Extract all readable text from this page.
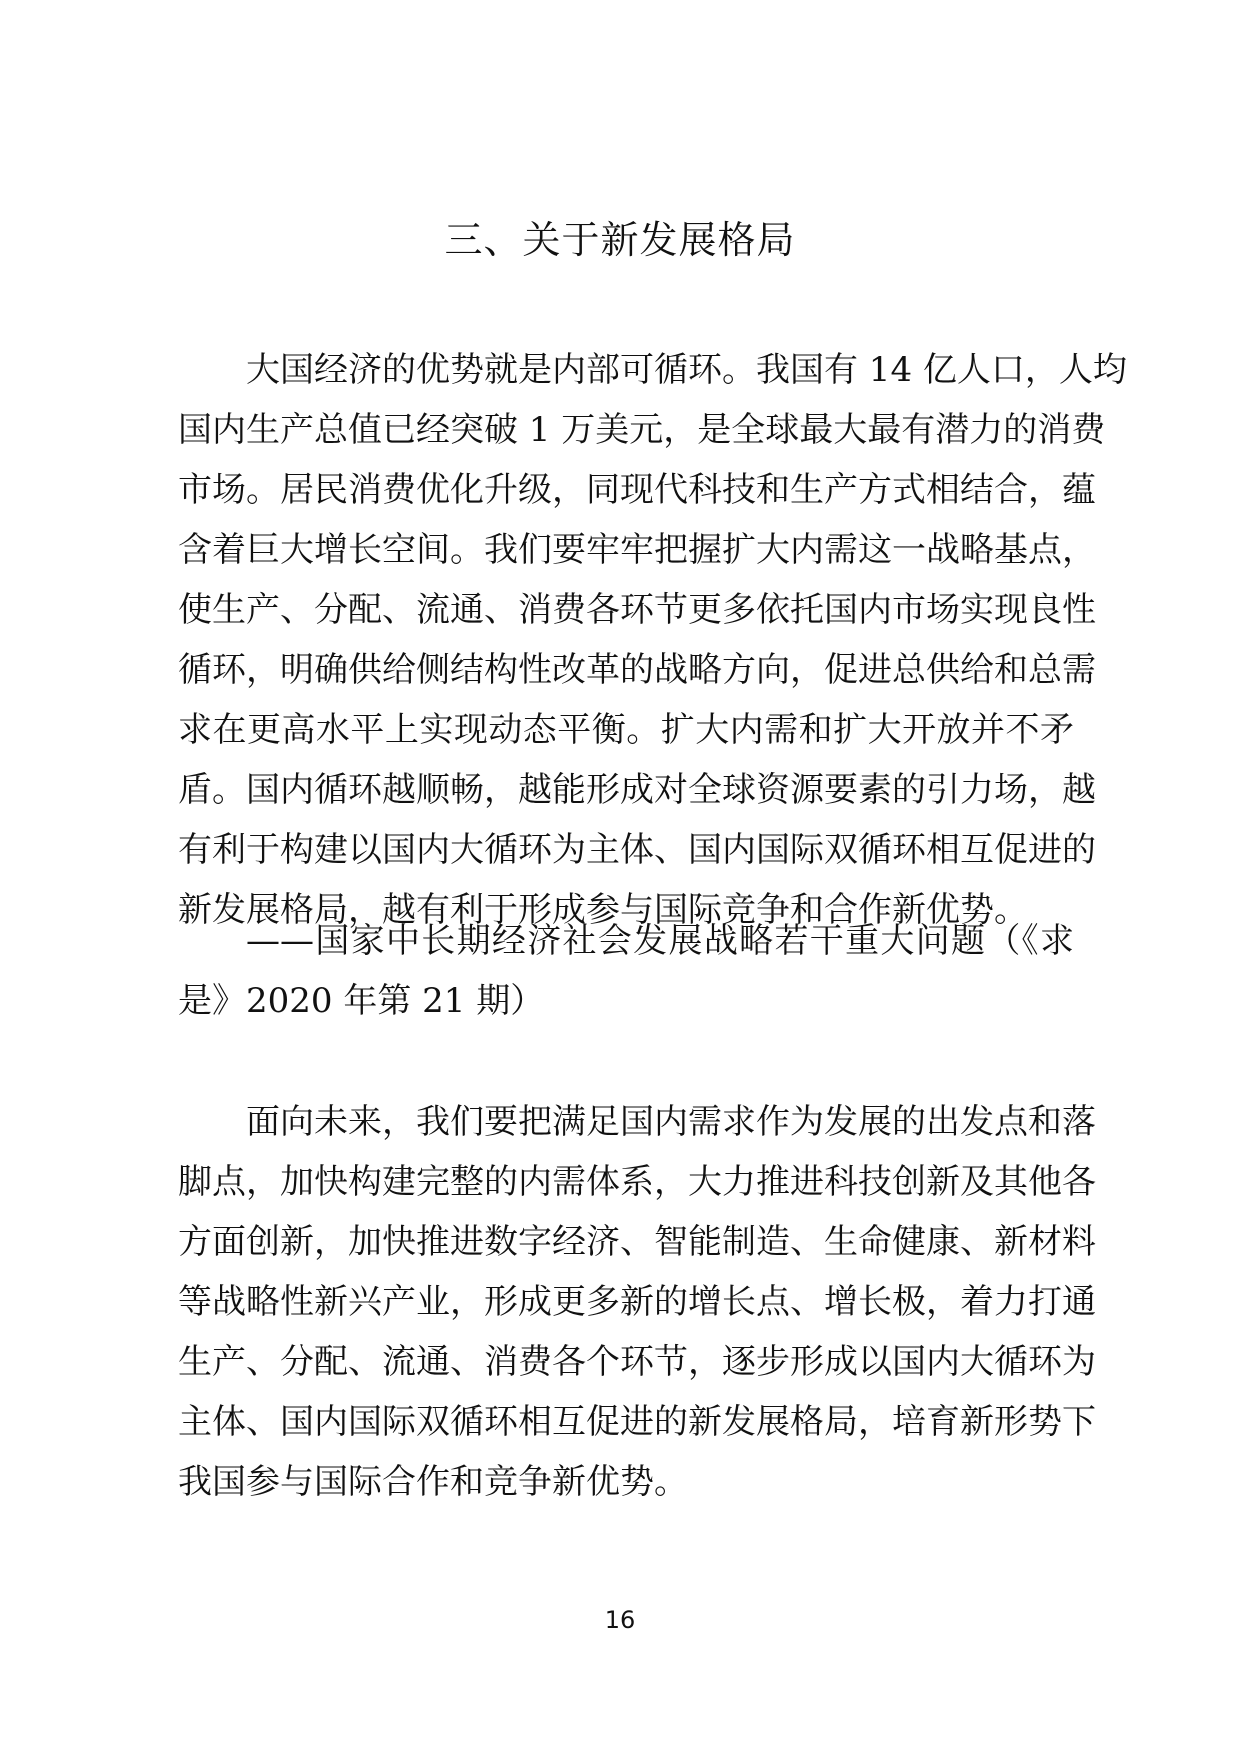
三、关于新发展格局
大国经济的优势就是内部可循环。我国有 14 亿人口，人均
国内生产总值已经突破 1 万美元，是全球最大最有潜力的消费
市场。居民消费优化升级，同现代科技和生产方式相结合，蕴
含着巨大增长空间。我们要牢牢把握扩大内需这一战略基点，
使生产、分配、流通、消费各环节更多依托国内市场实现良性
循环，明确供给侧结构性改革的战略方向，促进总供给和总需
求在更高水平上实现动态平衡。扩大内需和扩大开放并不矛
盾。国内循环越顺畅，越能形成对全球资源要素的引力场，越
有利于构建以国内大循环为主体、国内国际双循环相互促进的
新发展格局，越有利于形成参与国际竞争和合作新优势。
——国家中长期经济社会发展战略若干重大问题（《求
是》2020 年第 21 期）
面向未来，我们要把满足国内需求作为发展的出发点和落
脚点，加快构建完整的内需体系，大力推进科技创新及其他各
方面创新，加快推进数字经济、智能制造、生命健康、新材料
等战略性新兴产业，形成更多新的增长点、增长极，着力打通
生产、分配、流通、消费各个环节，逐步形成以国内大循环为
主体、国内国际双循环相互促进的新发展格局，培育新形势下
我国参与国际合作和竞争新优势。
16
